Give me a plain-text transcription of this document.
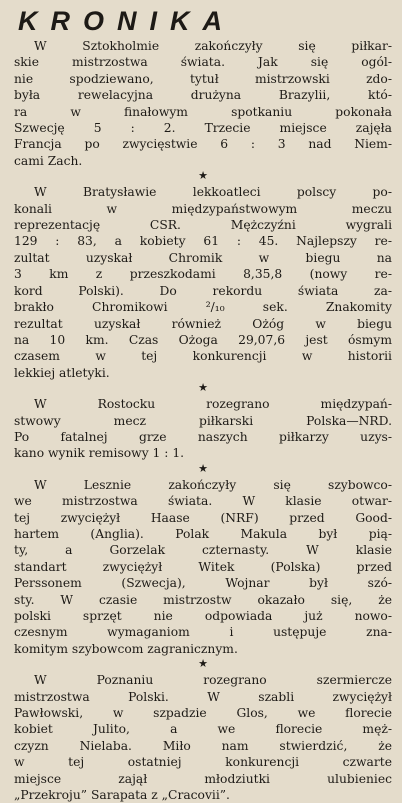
KRONIKA

W Sztokholmie zakończyły się piłkar-

skie mistrzostwa świata. Jak się ogól-

nie spodziewano, tytuł mistrzowski zdo-

była rewelacyjna drużyna Brazylii, któ-

ra w finałowym spotkaniu pokonała

Szwecję 5 : 2. Trzecie miejsce zajęła

Francja po zwycięstwie 6 : 3 nad Niem-

cami Zach.

★

W Bratysławie lekkoatleci polscy po-

konali w międzypaństwowym meczu

reprezentację CSR. Mężczyźni wygrali

129 : 83, a kobiety 61 : 45. Najlepszy re-

zultat uzyskał Chromik w biegu na

3 km z przeszkodami 8,35,8 (nowy re-

kord Polski). Do rekordu świata za-

brakło Chromikowi ²/₁₀ sek. Znakomity

rezultat uzyskał również Ożóg w biegu

na 10 km. Czas Ożoga 29,07,6 jest ósmym

czasem w tej konkurencji w historii

lekkiej atletyki.

★

W Rostocku rozegrano międzypań-

stwowy mecz piłkarski Polska—NRD.

Po fatalnej grze naszych piłkarzy uzys-

kano wynik remisowy 1 : 1.

★

W Lesznie zakończyły się szybowco-

we mistrzostwa świata. W klasie otwar-

tej zwyciężył Haase (NRF) przed Good-

hartem (Anglia). Polak Makula był pią-

ty, a Gorzelak czternasty. W klasie

standart zwyciężył Witek (Polska) przed

Perssonem (Szwecja), Wojnar był szó-

sty. W czasie mistrzostw okazało się, że

polski sprzęt nie odpowiada już nowo-

czesnym wymaganiom i ustępuje zna-

komitym szybowcom zagranicznym.

★

W Poznaniu rozegrano szermiercze

mistrzostwa Polski. W szabli zwyciężył

Pawłowski, w szpadzie Glos, we florecie

kobiet Julito, a we florecie męż-

czyzn Nielaba. Miło nam stwierdzić, że

w tej ostatniej konkurencji czwarte

miejsce zajął młodziutki ulubieniec

„Przekroju” Sarapata z „Cracovii”.
